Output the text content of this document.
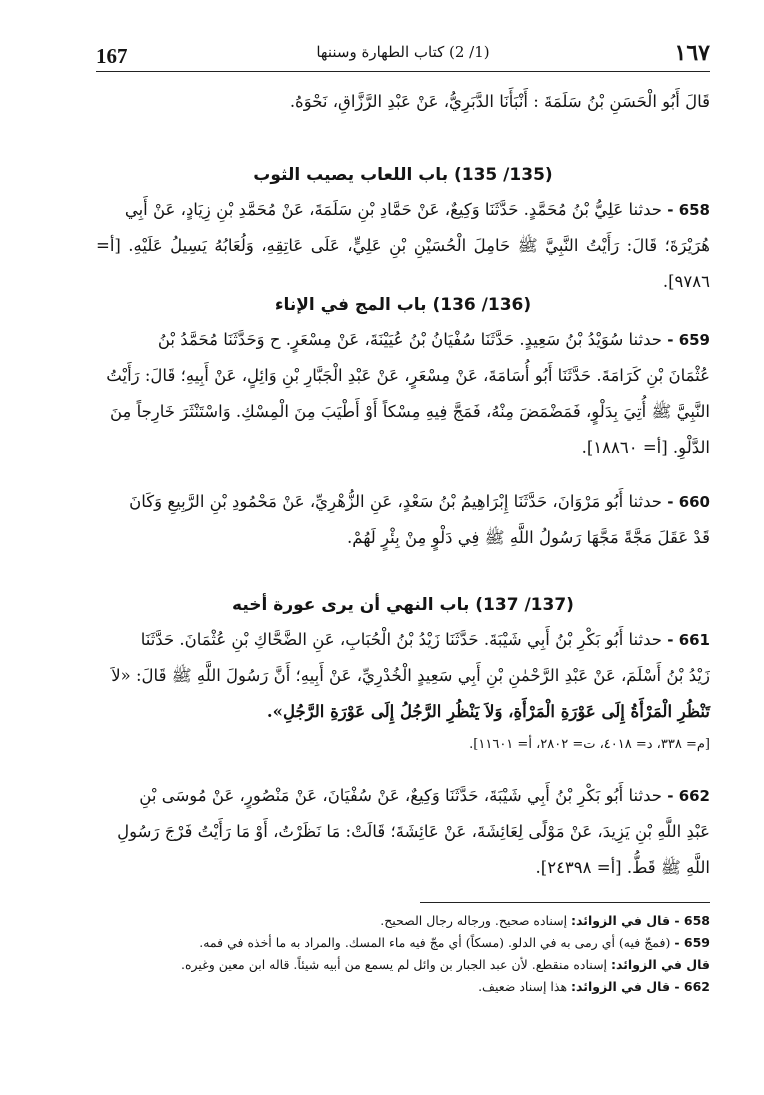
167	(1/ 2) كتاب الطهارة وسننها	١٦٧
قَالَ أَبُو الْحَسَنِ بْنُ سَلَمَةَ : أَنْبَأَنَا الدَّبَرِيُّ، عَنْ عَبْدِ الرَّزَّاقِ، نَحْوَهُ.
(135/ 135) باب اللعاب يصيب الثوب
658 - حدثنا عَلِيُّ بْنُ مُحَمَّدٍ. حَدَّثَنَا وَكِيعٌ، عَنْ حَمَّادِ بْنِ سَلَمَةَ، عَنْ مُحَمَّدِ بْنِ زِيَادٍ، عَنْ أَبِي
هُرَيْرَةَ؛ قَالَ: رَأَيْتُ النَّبِيَّ ﷺ حَامِلَ الْحُسَيْنِ بْنِ عَلِيٍّ، عَلَى عَاتِقِهِ، وَلُعَابُهُ يَسِيلُ عَلَيْهِ. [أ= ٩٧٨٦].
(136/ 136) باب المج في الإناء
659 - حدثنا سُوَيْدُ بْنُ سَعِيدٍ. حَدَّثَنَا سُفْيَانُ بْنُ عُيَيْنَةَ، عَنْ مِسْعَرٍ. ح وَحَدَّثَنَا مُحَمَّدُ بْنُ
عُثْمَانَ بْنِ كَرَامَةَ. حَدَّثَنَا أَبُو أُسَامَةَ، عَنْ مِسْعَرٍ، عَنْ عَبْدِ الْجَبَّارِ بْنِ وَائِلٍ، عَنْ أَبِيهِ؛ قَالَ: رَأَيْتُ
النَّبِيَّ ﷺ أُتِيَ بِدَلْوٍ، فَمَضْمَضَ مِنْهُ، فَمَجَّ فِيهِ مِسْكاً أَوْ أَطْيَبَ مِنَ الْمِسْكِ. وَاسْتَنْثَرَ خَارِجاً مِنَ
الدَّلْوِ. [أ= ١٨٨٦٠].
660 - حدثنا أَبُو مَرْوَانَ، حَدَّثَنَا إِبْرَاهِيمُ بْنُ سَعْدٍ، عَنِ الزُّهْرِيِّ، عَنْ مَحْمُودِ بْنِ الرَّبِيعِ وَكَانَ
قَدْ عَقَلَ مَجَّةً مَجَّهَا رَسُولُ اللَّهِ ﷺ فِي دَلْوٍ مِنْ بِئْرٍ لَهُمْ.
(137/ 137) باب النهي أن يرى عورة أخيه
661 - حدثنا أَبُو بَكْرِ بْنُ أَبِي شَيْبَةَ. حَدَّثَنَا زَيْدُ بْنُ الْحُبَابِ، عَنِ الضَّحَّاكِ بْنِ عُثْمَانَ. حَدَّثَنَا
زَيْدُ بْنُ أَسْلَمَ، عَنْ عَبْدِ الرَّحْمٰنِ بْنِ أَبِي سَعِيدٍ الْخُدْرِيِّ، عَنْ أَبِيهِ؛ أَنَّ رَسُولَ اللَّهِ ﷺ قَالَ: «لاَ
تَنْظُرِ الْمَرْأَةُ إِلَى عَوْرَةِ الْمَرْأَةِ، وَلاَ يَنْظُرِ الرَّجُلُ إِلَى عَوْرَةِ الرَّجُلِ».
[م= ٣٣٨، د= ٤٠١٨، ت= ٢٨٠٢، أ= ١١٦٠١].
662 - حدثنا أَبُو بَكْرِ بْنُ أَبِي شَيْبَةَ، حَدَّثَنَا وَكِيعٌ، عَنْ سُفْيَانَ، عَنْ مَنْصُورٍ، عَنْ مُوسَى بْنِ
عَبْدِ اللَّهِ بْنِ يَزِيدَ، عَنْ مَوْلًى لِعَائِشَةَ، عَنْ عَائِشَةَ؛ قَالَتْ: مَا نَظَرْتُ، أَوْ مَا رَأَيْتُ فَرْجَ رَسُولِ
اللَّهِ ﷺ قَطُّ. [أ= ٢٤٣٩٨].
658 - قال في الزوائد: إسناده صحيح. ورجاله رجال الصحيح.
659 - (فمجّ فيه) أي رمى به في الدلو. (مسكاً) أي مجّ فيه ماء المسك. والمراد به ما أخذه في فمه.
قال في الزوائد: إسناده منقطع. لأن عبد الجبار بن وائل لم يسمع من أبيه شيئاً. قاله ابن معين وغيره.
662 - قال في الزوائد: هذا إسناد ضعيف.
